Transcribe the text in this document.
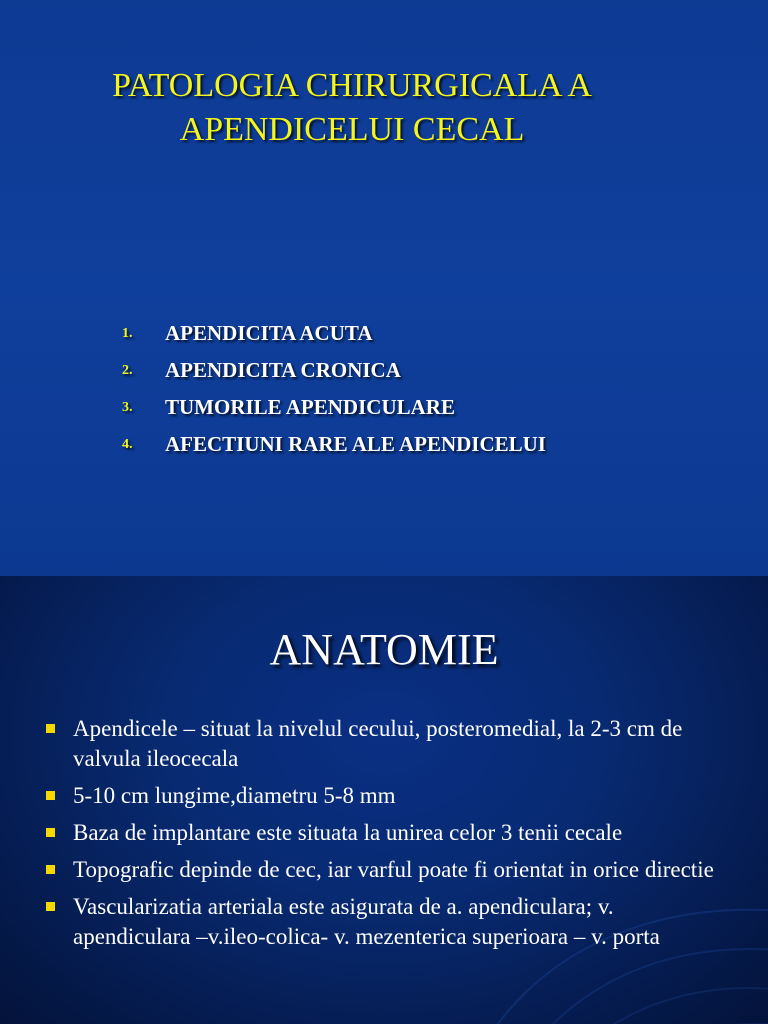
PATOLOGIA CHIRURGICALA A
APENDICELUI CECAL
1. APENDICITA ACUTA
2. APENDICITA CRONICA
3. TUMORILE APENDICULARE
4. AFECTIUNI RARE ALE APENDICELUI
ANATOMIE
Apendicele – situat la nivelul cecului, posteromedial, la 2-3 cm de valvula ileocecala
5-10 cm lungime,diametru 5-8 mm
Baza de implantare este situata la unirea celor 3 tenii cecale
Topografic depinde de cec, iar varful poate fi orientat in orice directie
Vascularizatia arteriala este asigurata de a. apendiculara; v. apendiculara –v.ileo-colica- v. mezenterica superioara – v. porta
